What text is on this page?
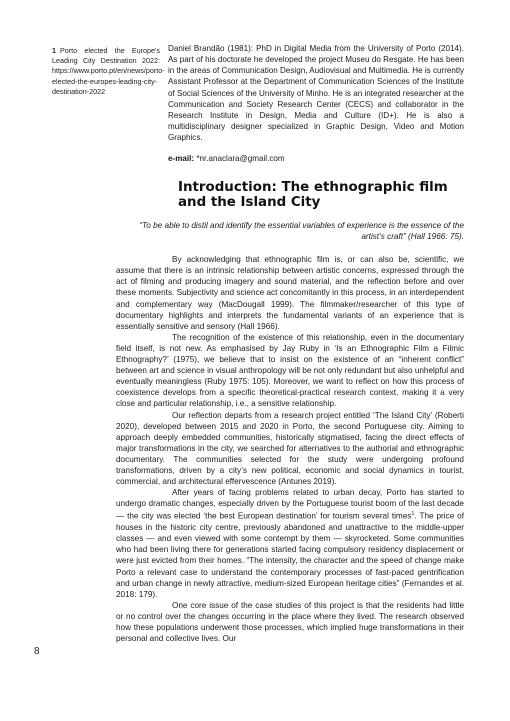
1 Porto elected the Europe's Leading City Destination 2022: https://www.porto.pt/en/news/porto-elected-the-europes-leading-city-destination-2022

Daniel Brandão (1981): PhD in Digital Media from the University of Porto (2014). As part of his doctorate he developed the project Museu do Resgate. He has been in the areas of Communication Design, Audiovisual and Multimedia. He is currently Assistant Professor at the Department of Communication Sciences of the Institute of Social Sciences of the University of Minho. He is an integrated researcher at the Communication and Society Research Center (CECS) and collaborator in the Research Institute in Design, Media and Culture (ID+). He is also a multidisciplinary designer specialized in Graphic Design, Video and Motion Graphics.

e-mail: *nr.anaclara@gmail.com

Introduction: The ethnographic film and the Island City

“To be able to distil and identify the essential variables of experience is the essence of the artist’s craft” (Hall 1966: 75).

By acknowledging that ethnographic film is, or can also be, scientific, we assume that there is an intrinsic relationship between artistic concerns, expressed through the act of filming and producing imagery and sound material, and the reflection before and over these moments. Subjectivity and science act concomitantly in this process, in an interdependent and complementary way (MacDougall 1999). The filmmaker/researcher of this type of documentary highlights and interprets the fundamental variants of an experience that is essentially sensitive and sensory (Hall 1966).

The recognition of the existence of this relationship, even in the documentary field itself, is not new. As emphasised by Jay Ruby in ‘Is an Ethnographic Film a Filmic Ethnography?’ (1975), we believe that to insist on the existence of an “inherent conflict” between art and science in visual anthropology will be not only redundant but also unhelpful and eventually meaningless (Ruby 1975: 105). Moreover, we want to reflect on how this process of coexistence develops from a specific theoretical-practical research context, making it a very close and particular relationship, i.e., a sensitive relationship.

Our reflection departs from a research project entitled ‘The Island City’ (Roberti 2020), developed between 2015 and 2020 in Porto, the second Portuguese city. Aiming to approach deeply embedded communities, historically stigmatised, facing the direct effects of major transformations in the city, we searched for alternatives to the authorial and ethnographic documentary. The communities selected for the study were undergoing profound transformations, driven by a city’s new political, economic and social dynamics in tourist, commercial, and architectural effervescence (Antunes 2019).

After years of facing problems related to urban decay, Porto has started to undergo dramatic changes, especially driven by the Portuguese tourist boom of the last decade — the city was elected ‘the best European destination’ for tourism several times$^1$. The price of houses in the historic city centre, previously abandoned and unattractive to the middle-upper classes — and even viewed with some contempt by them — skyrocketed. Some communities who had been living there for generations started facing compulsory residency displacement or were just evicted from their homes. “The intensity, the character and the speed of change make Porto a relevant case to understand the contemporary processes of fast-paced gentrification and urban change in newly attractive, medium-sized European heritage cities” (Fernandes et al. 2018: 179).

One core issue of the case studies of this project is that the residents had little or no control over the changes occurring in the place where they lived. The research observed how these populations underwent those processes, which implied huge transformations in their personal and collective lives. Our

8
